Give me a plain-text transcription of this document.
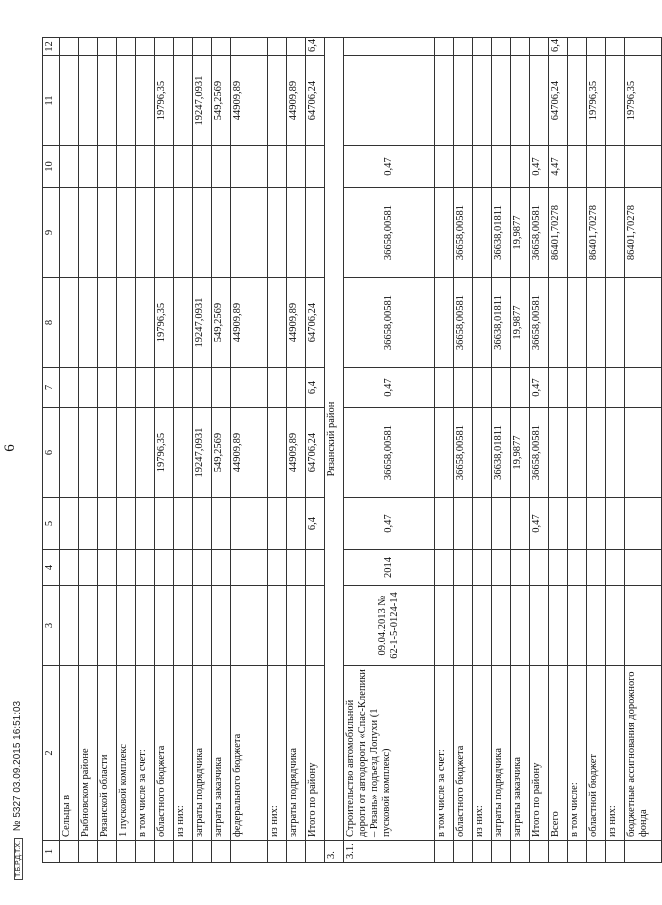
6
1	2	3	4	5	6	7	8	9	10	11	12
	Сельцы в										
	Рыбновском районе										
	Рязанской области										
	1 пусковой комплекс										
	в том числе за счет:										
	областного бюджета				19796,35		19796,35			19796,35	
	из них:										
	затраты подрядчика				19247,0931		19247,0931			19247,0931	
	затраты заказчика				549,2569		549,2569			549,2569	
	федерального бюджета				44909,89		44909,89			44909,89	
	из них:										
	затраты подрядчика				44909,89		44909,89			44909,89	
	Итого по району			6,4	64706,24	6,4	64706,24			64706,24	6,4
3.	Рязанский район										
3.1.	Строительство автомобильной дороги от автодороги «Спас-Клепики – Рязань» подъезд Лопухи (1 пусковой комплекс)	09.04.2013 № 62-1-5-0124-14	2014	0,47	36658,00581	0,47	36658,00581	36658,00581	0,47		
	в том числе за счет:										
	областного бюджета				36658,00581		36658,00581	36658,00581			
	из них:										
	затраты подрядчика				36638,01811		36638,01811	36638,01811			
	затраты заказчика				19,9877		19,9877	19,9877			
	Итого по району			0,47	36658,00581	0,47	36658,00581	36658,00581	0,47		
	Всего							86401,70278	4,47	64706,24	6,4
	в том числе:										
	областной бюджет							86401,70278		19796,35	
	из них:										
	бюджетные ассигнования дорожного фонда							86401,70278		19796,35	
Т.Б.Р.Д.Т.Х. № 5327 03.09.2015 16:51:03
